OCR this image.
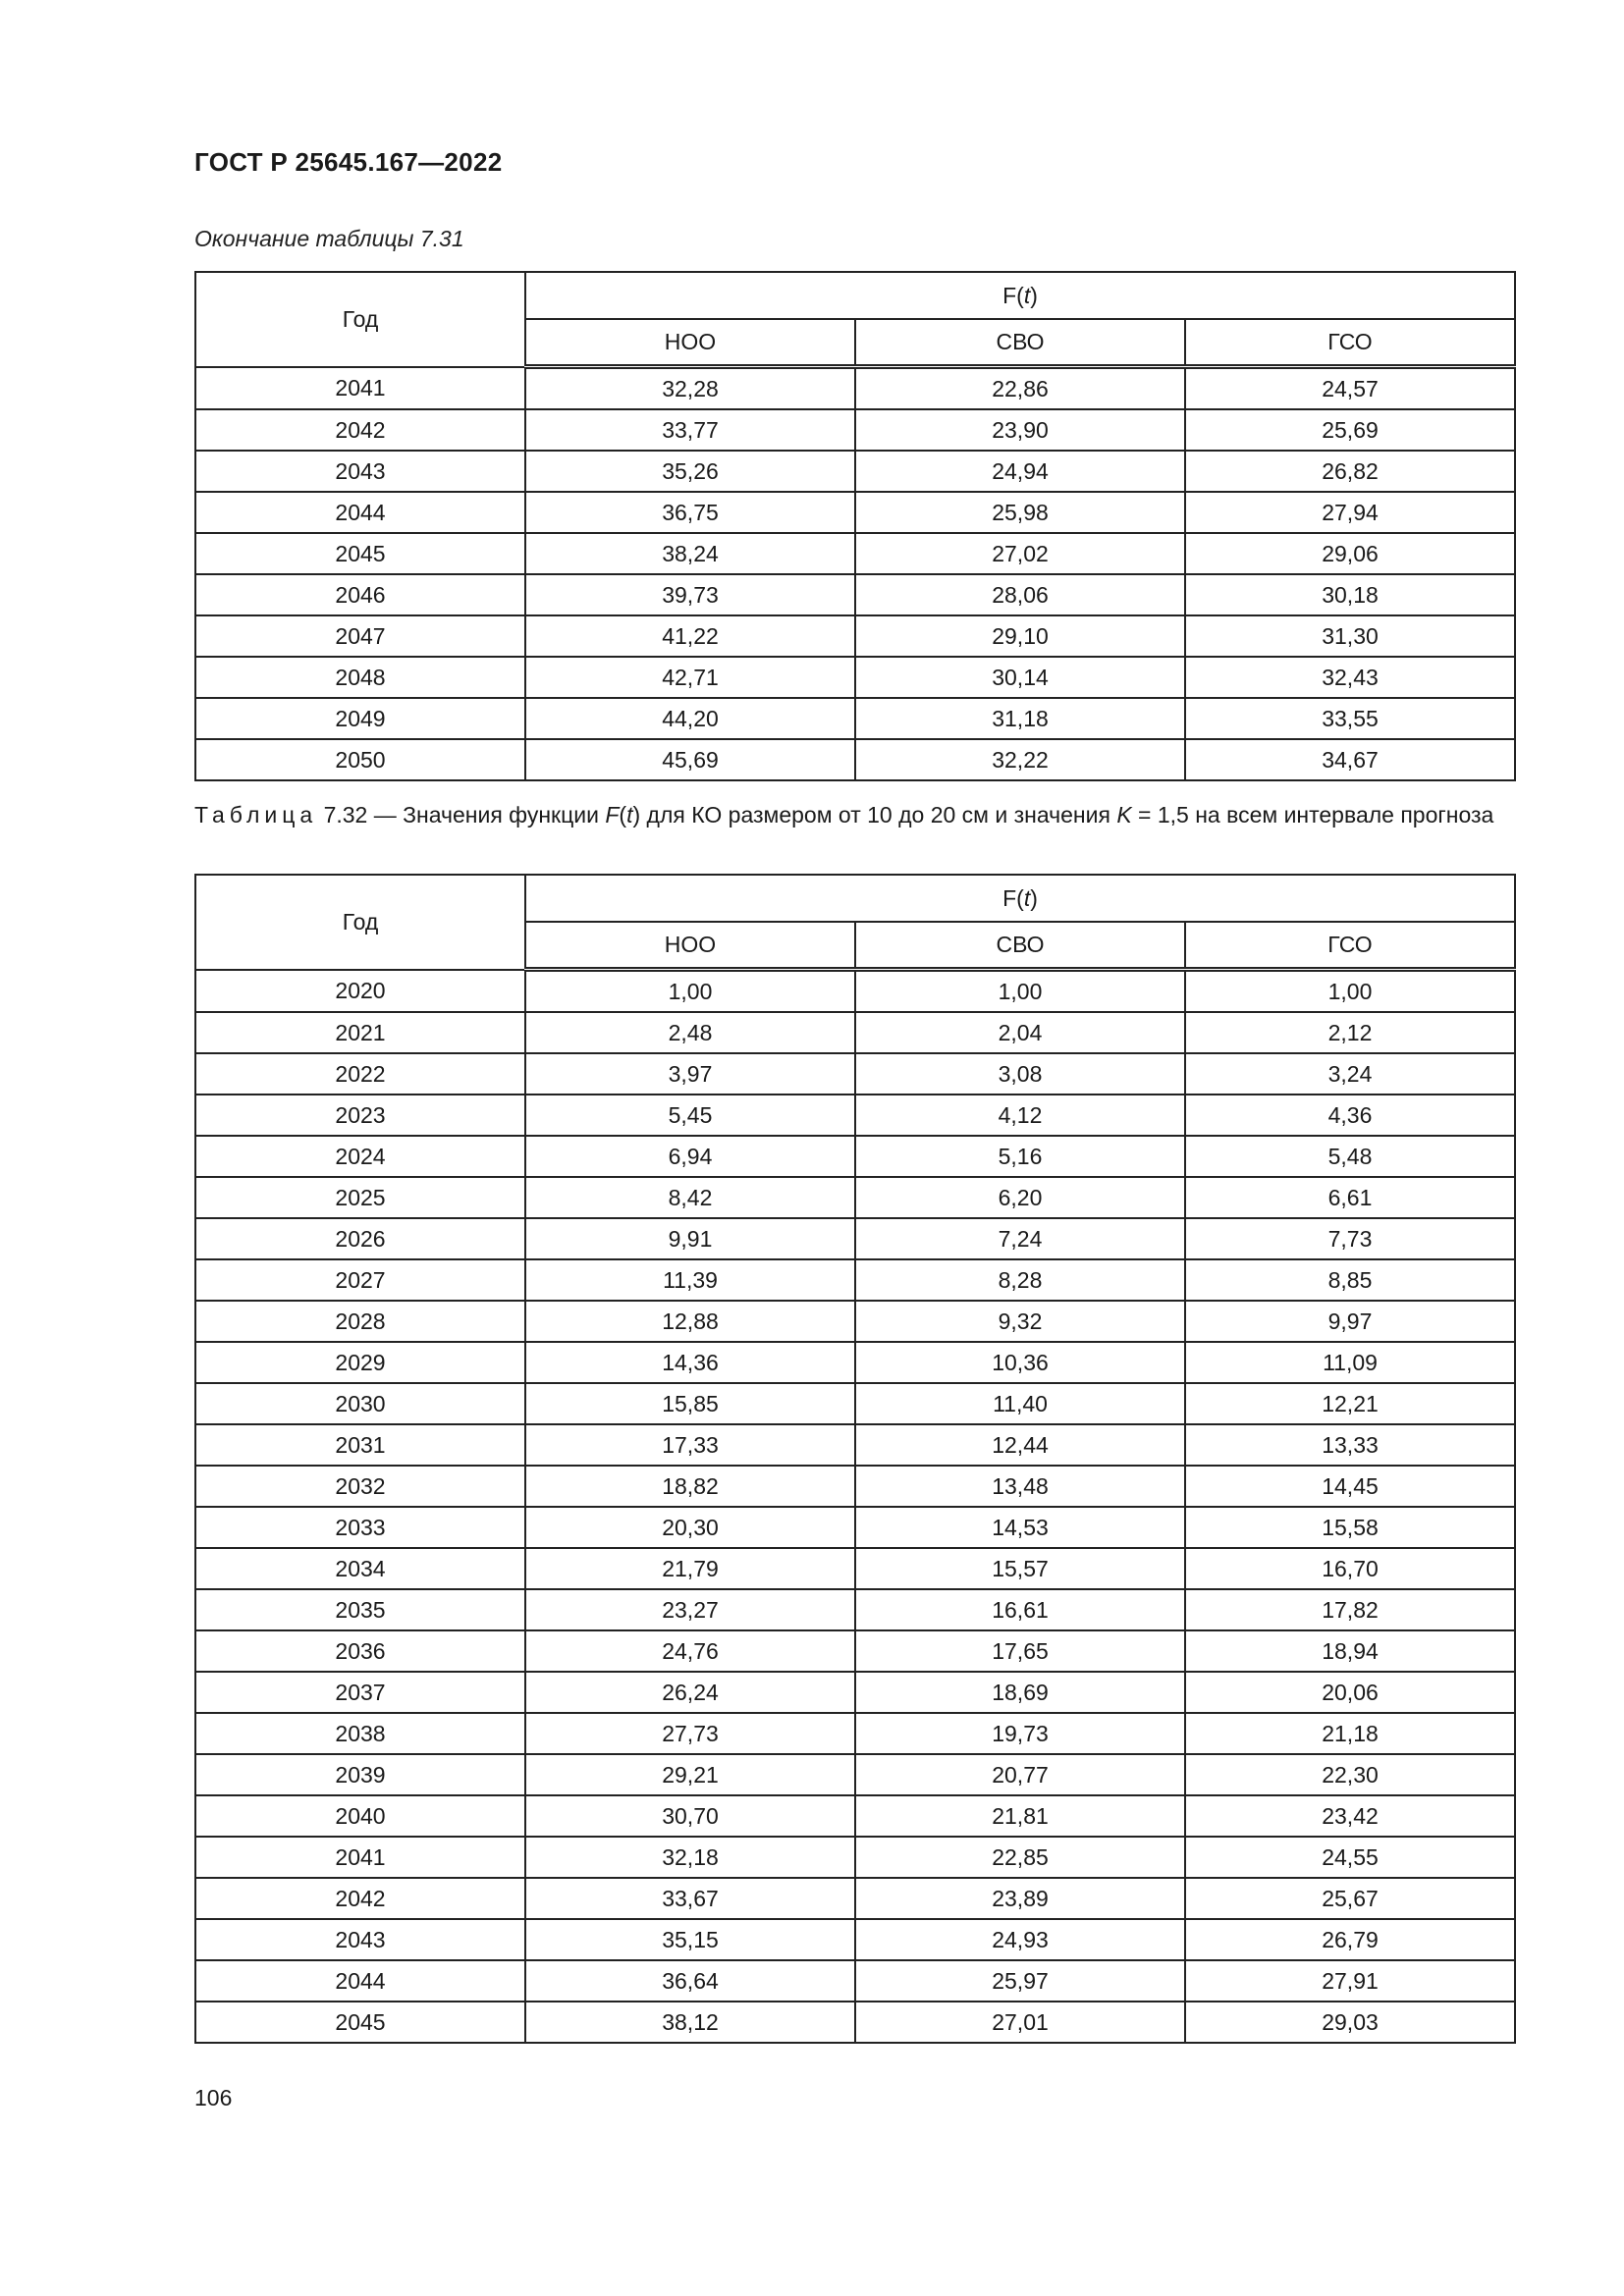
ГОСТ Р 25645.167—2022
Окончание таблицы 7.31
Год	F(t)		
	НОО	СВО	ГСО
2041	32,28	22,86	24,57
2042	33,77	23,90	25,69
2043	35,26	24,94	26,82
2044	36,75	25,98	27,94
2045	38,24	27,02	29,06
2046	39,73	28,06	30,18
2047	41,22	29,10	31,30
2048	42,71	30,14	32,43
2049	44,20	31,18	33,55
2050	45,69	32,22	34,67
Таблица 7.32 — Значения функции F(t) для КО размером от 10 до 20 см и значения K = 1,5 на всем интервале прогноза
Год	F(t)		
	НОО	СВО	ГСО
2020	1,00	1,00	1,00
2021	2,48	2,04	2,12
2022	3,97	3,08	3,24
2023	5,45	4,12	4,36
2024	6,94	5,16	5,48
2025	8,42	6,20	6,61
2026	9,91	7,24	7,73
2027	11,39	8,28	8,85
2028	12,88	9,32	9,97
2029	14,36	10,36	11,09
2030	15,85	11,40	12,21
2031	17,33	12,44	13,33
2032	18,82	13,48	14,45
2033	20,30	14,53	15,58
2034	21,79	15,57	16,70
2035	23,27	16,61	17,82
2036	24,76	17,65	18,94
2037	26,24	18,69	20,06
2038	27,73	19,73	21,18
2039	29,21	20,77	22,30
2040	30,70	21,81	23,42
2041	32,18	22,85	24,55
2042	33,67	23,89	25,67
2043	35,15	24,93	26,79
2044	36,64	25,97	27,91
2045	38,12	27,01	29,03
106
